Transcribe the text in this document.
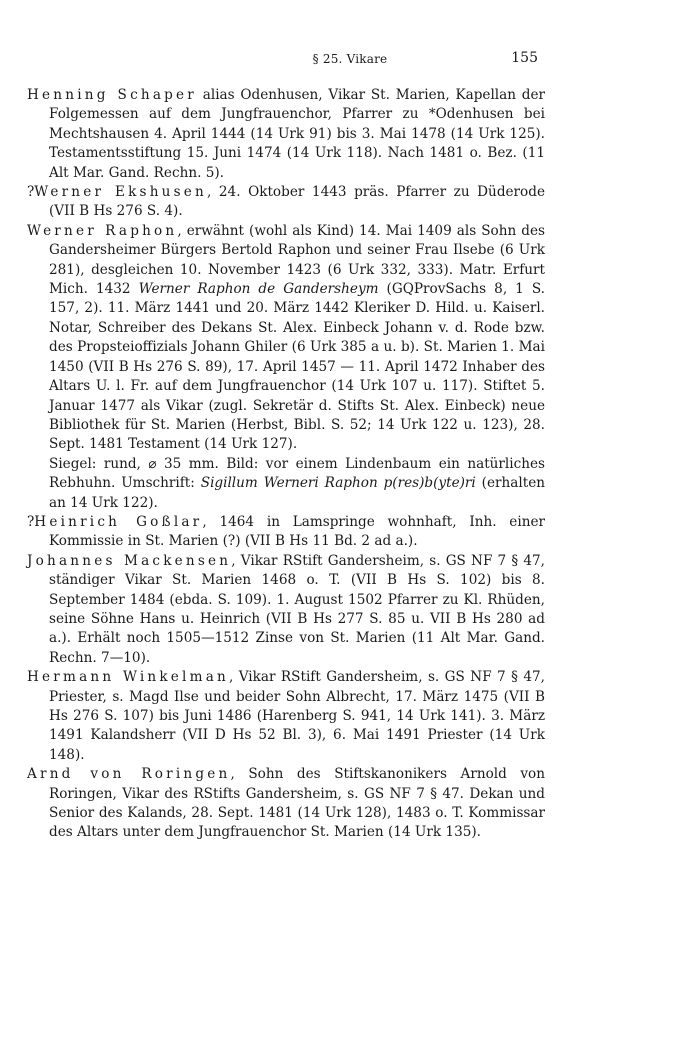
§ 25. Vikare	155

Henning Schaper alias Odenhusen, Vikar St. Marien, Kapellan der Folgemessen auf dem Jungfrauenchor, Pfarrer zu *Odenhusen bei Mechtshausen 4. April 1444 (14 Urk 91) bis 3. Mai 1478 (14 Urk 125). Testamentsstiftung 15. Juni 1474 (14 Urk 118). Nach 1481 o. Bez. (11 Alt Mar. Gand. Rechn. 5).

?Werner Ekshusen, 24. Oktober 1443 präs. Pfarrer zu Düderode (VII B Hs 276 S. 4).

Werner Raphon, erwähnt (wohl als Kind) 14. Mai 1409 als Sohn des Gandersheimer Bürgers Bertold Raphon und seiner Frau Ilsebe (6 Urk 281), desgleichen 10. November 1423 (6 Urk 332, 333). Matr. Erfurt Mich. 1432 Werner Raphon de Gandersheym (GQProvSachs 8, 1 S. 157, 2). 11. März 1441 und 20. März 1442 Kleriker D. Hild. u. Kaiserl. Notar, Schreiber des Dekans St. Alex. Einbeck Johann v. d. Rode bzw. des Propsteioffizials Johann Ghiler (6 Urk 385 a u. b). St. Marien 1. Mai 1450 (VII B Hs 276 S. 89), 17. April 1457 — 11. April 1472 Inhaber des Altars U. l. Fr. auf dem Jungfrauenchor (14 Urk 107 u. 117). Stiftet 5. Januar 1477 als Vikar (zugl. Sekretär d. Stifts St. Alex. Einbeck) neue Bibliothek für St. Marien (Herbst, Bibl. S. 52; 14 Urk 122 u. 123), 28. Sept. 1481 Testament (14 Urk 127).

Siegel: rund, ⌀ 35 mm. Bild: vor einem Lindenbaum ein natürliches Rebhuhn. Umschrift: Sigillum Werneri Raphon p(res)b(yte)ri (erhalten an 14 Urk 122).

?Heinrich Goßlar, 1464 in Lamspringe wohnhaft, Inh. einer Kommissie in St. Marien (?) (VII B Hs 11 Bd. 2 ad a.).

Johannes Mackensen, Vikar RStift Gandersheim, s. GS NF 7 § 47, ständiger Vikar St. Marien 1468 o. T. (VII B Hs S. 102) bis 8. September 1484 (ebda. S. 109). 1. August 1502 Pfarrer zu Kl. Rhüden, seine Söhne Hans u. Heinrich (VII B Hs 277 S. 85 u. VII B Hs 280 ad a.). Erhält noch 1505—1512 Zinse von St. Marien (11 Alt Mar. Gand. Rechn. 7—10).

Hermann Winkelman, Vikar RStift Gandersheim, s. GS NF 7 § 47, Priester, s. Magd Ilse und beider Sohn Albrecht, 17. März 1475 (VII B Hs 276 S. 107) bis Juni 1486 (Harenberg S. 941, 14 Urk 141). 3. März 1491 Kalandsherr (VII D Hs 52 Bl. 3), 6. Mai 1491 Priester (14 Urk 148).

Arnd von Roringen, Sohn des Stiftskanonikers Arnold von Roringen, Vikar des RStifts Gandersheim, s. GS NF 7 § 47. Dekan und Senior des Kalands, 28. Sept. 1481 (14 Urk 128), 1483 o. T. Kommissar des Altars unter dem Jungfrauenchor St. Marien (14 Urk 135).
